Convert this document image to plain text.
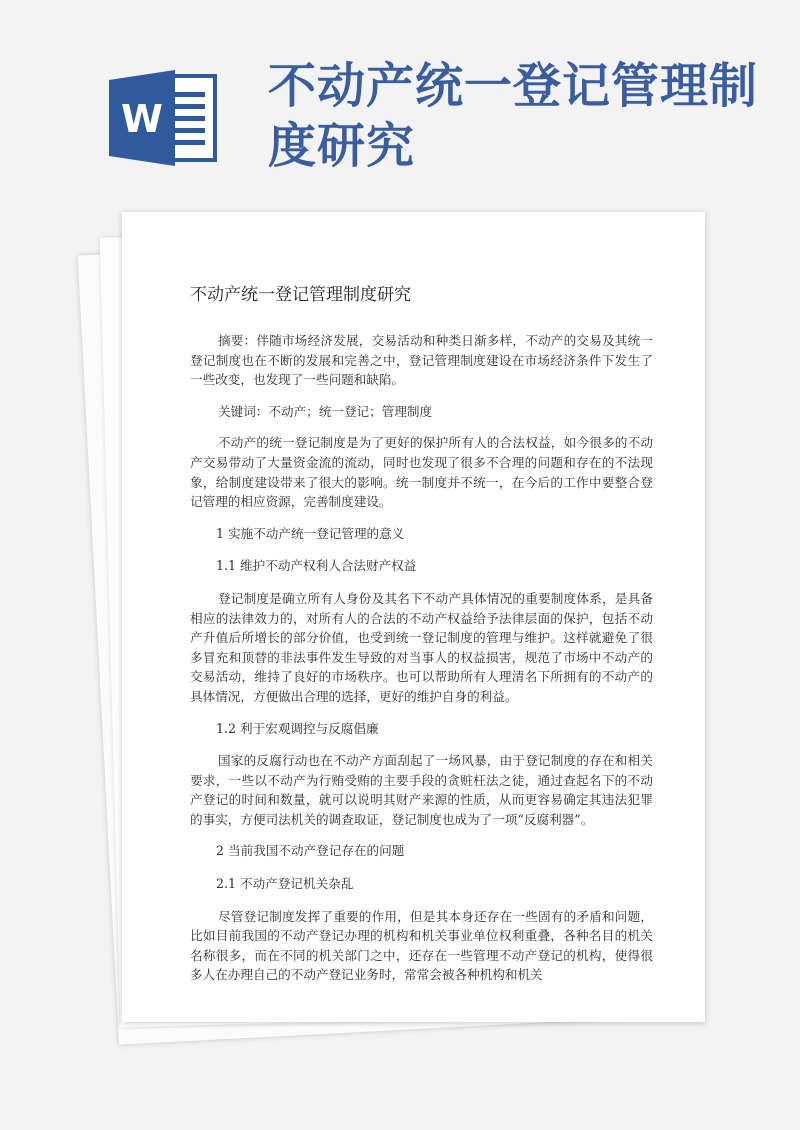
W
不动产统一登记管理制度研究
不动产统一登记管理制度研究

摘要：伴随市场经济发展，交易活动和种类日渐多样，不动产的交易及其统一登记制度也在不断的发展和完善之中，登记管理制度建设在市场经济条件下发生了一些改变，也发现了一些问题和缺陷。

关键词：不动产；统一登记；管理制度

不动产的统一登记制度是为了更好的保护所有人的合法权益，如今很多的不动产交易带动了大量资金流的流动，同时也发现了很多不合理的问题和存在的不法现象，给制度建设带来了很大的影响。统一制度并不统一，在今后的工作中要整合登记管理的相应资源，完善制度建设。

1 实施不动产统一登记管理的意义

1.1 维护不动产权利人合法财产权益

登记制度是确立所有人身份及其名下不动产具体情况的重要制度体系，是具备相应的法律效力的，对所有人的合法的不动产权益给予法律层面的保护，包括不动产升值后所增长的部分价值，也受到统一登记制度的管理与维护。这样就避免了很多冒充和顶替的非法事件发生导致的对当事人的权益损害，规范了市场中不动产的交易活动，维持了良好的市场秩序。也可以帮助所有人理清名下所拥有的不动产的具体情况，方便做出合理的选择，更好的维护自身的利益。

1.2 利于宏观调控与反腐倡廉

国家的反腐行动也在不动产方面刮起了一场风暴，由于登记制度的存在和相关要求，一些以不动产为行贿受贿的主要手段的贪赃枉法之徒，通过查起名下的不动产登记的时间和数量，就可以说明其财产来源的性质，从而更容易确定其违法犯罪的事实，方便司法机关的调查取证，登记制度也成为了一项“反腐利器”。

2 当前我国不动产登记存在的问题

2.1 不动产登记机关杂乱

尽管登记制度发挥了重要的作用，但是其本身还存在一些固有的矛盾和问题，比如目前我国的不动产登记办理的机构和机关事业单位权利重叠，各种名目的机关名称很多，而在不同的机关部门之中，还存在一些管理不动产登记的机构，使得很多人在办理自己的不动产登记业务时，常常会被各种机构和机关
